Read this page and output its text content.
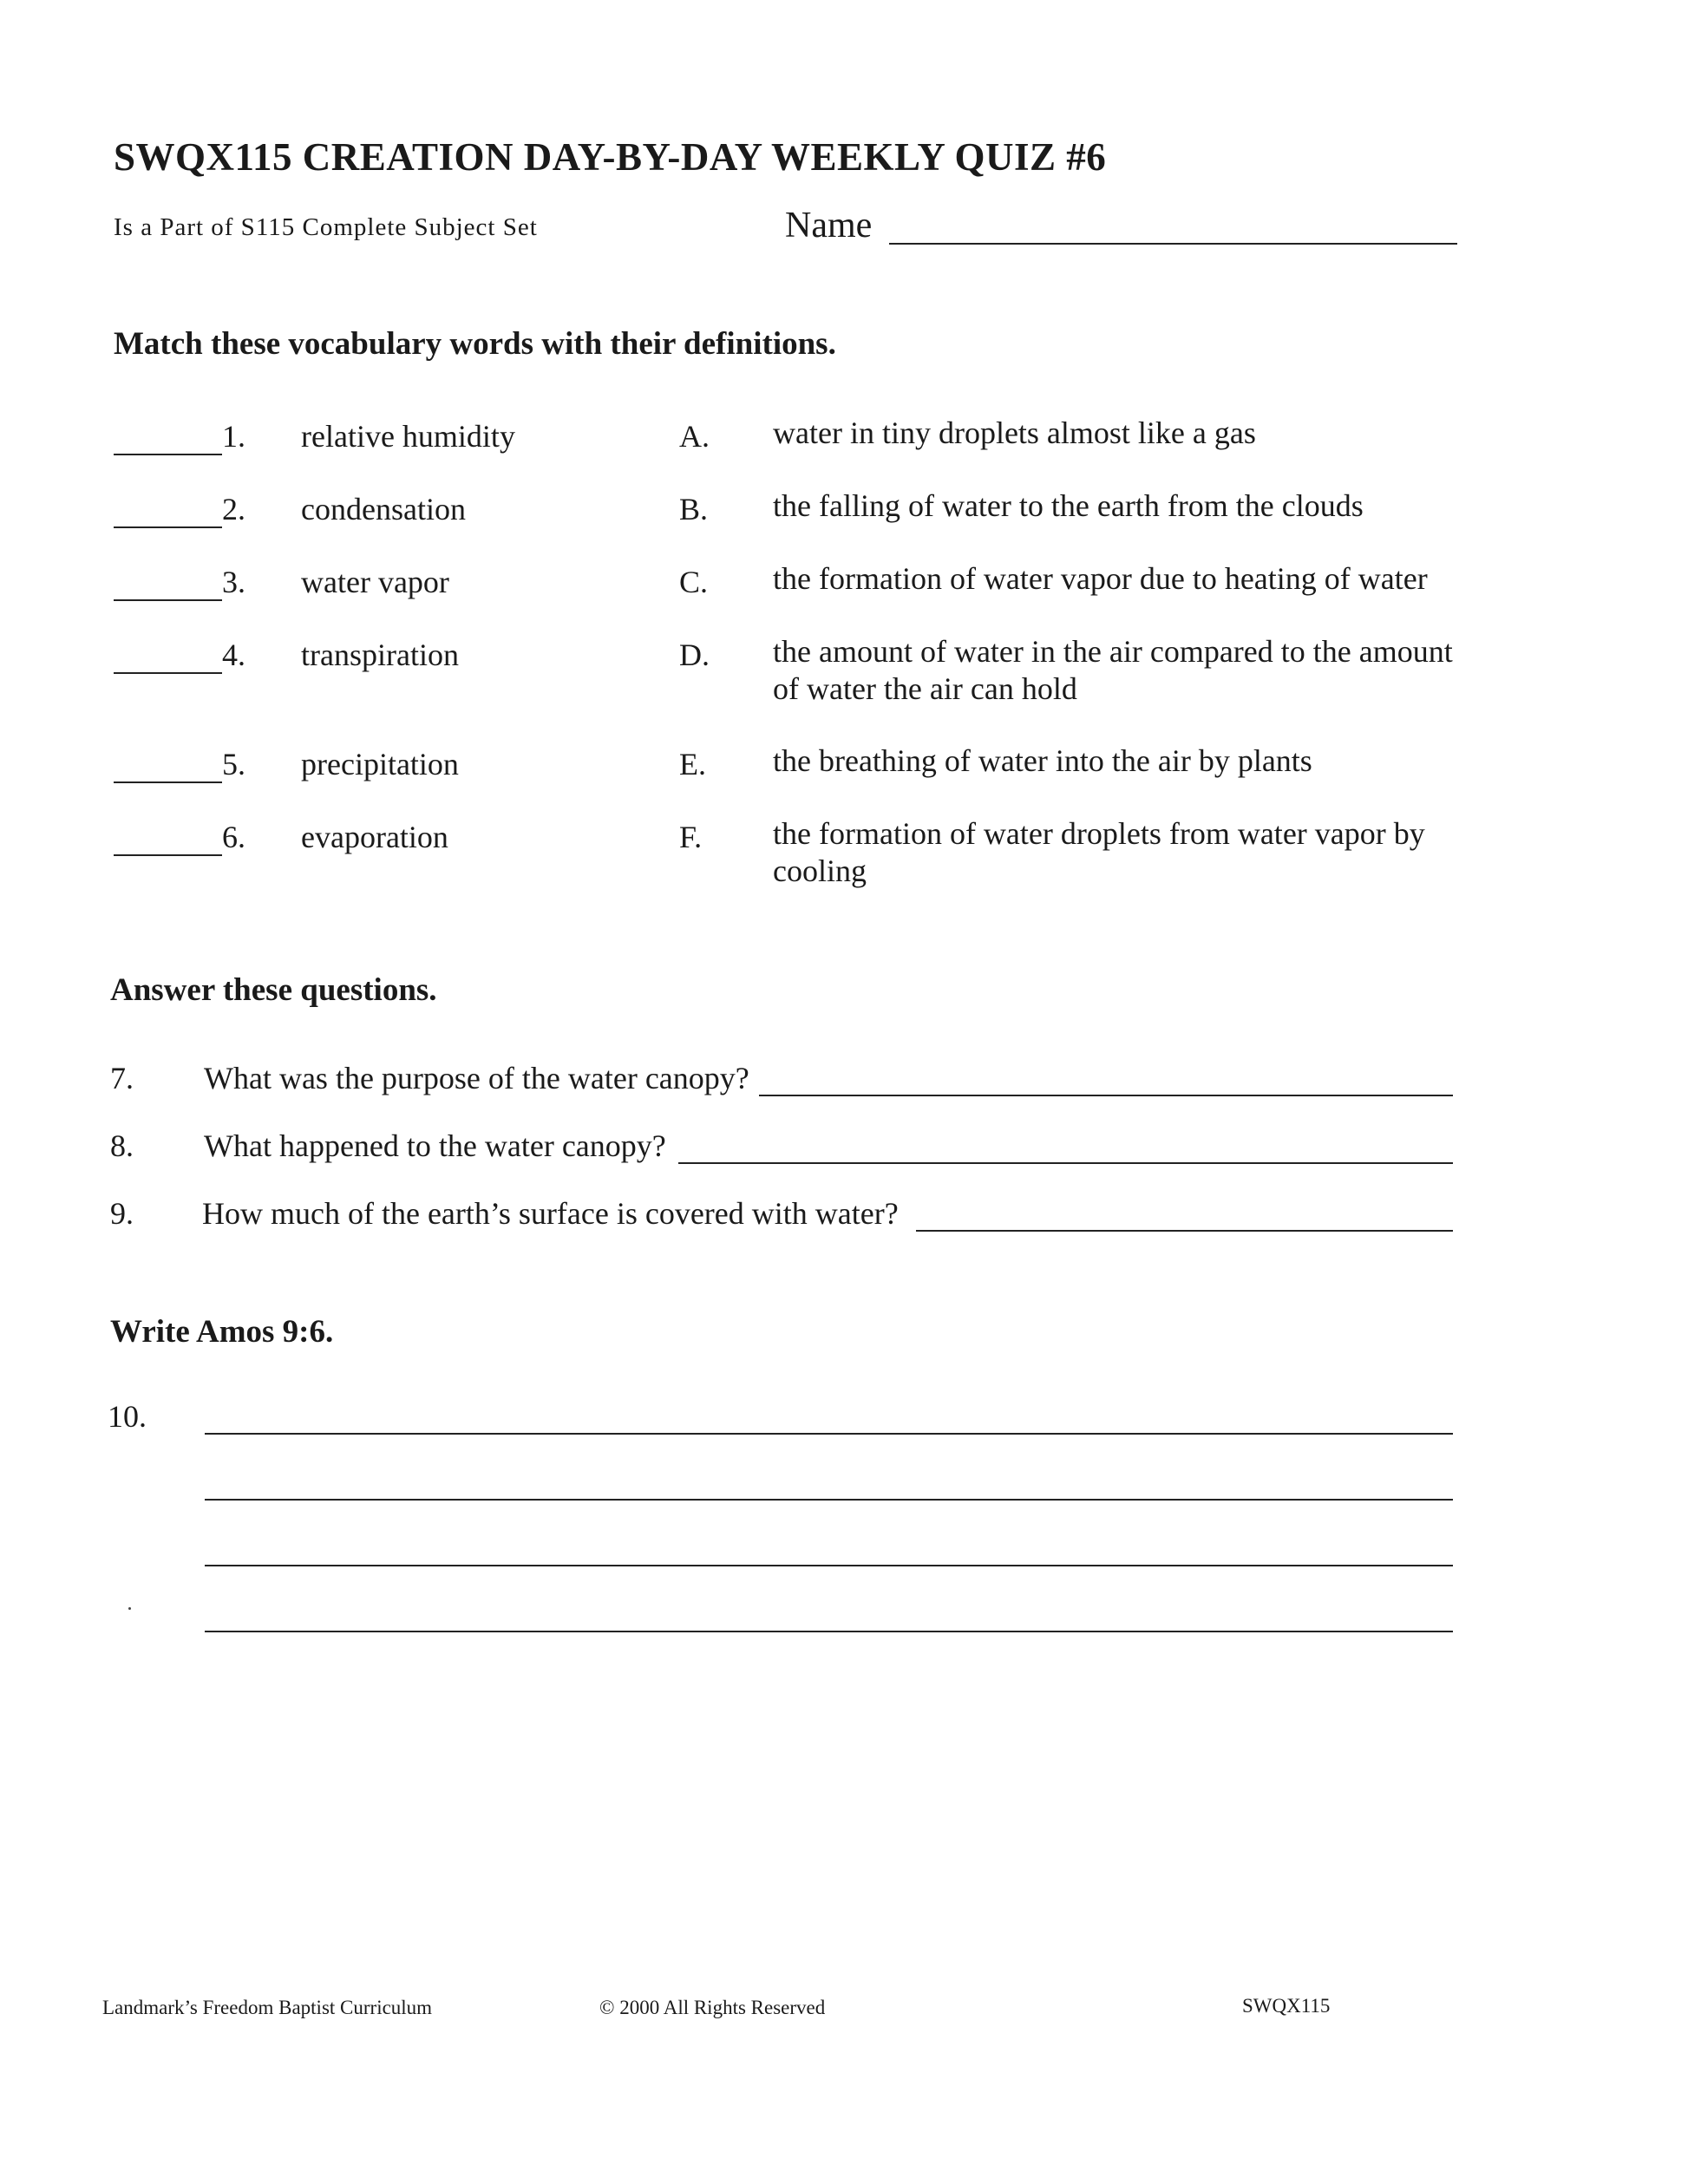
SWQX115 CREATION DAY-BY-DAY WEEKLY QUIZ #6
Is a Part of S115 Complete Subject Set	Name
Match these vocabulary words with their definitions.
1. relative humidity	A. water in tiny droplets almost like a gas
2. condensation	B. the falling of water to the earth from the clouds
3. water vapor	C. the formation of water vapor due to heating of water
4. transpiration	D. the amount of water in the air compared to the amount of water the air can hold
5. precipitation	E. the breathing of water into the air by plants
6. evaporation	F. the formation of water droplets from water vapor by cooling
Answer these questions.
7. What was the purpose of the water canopy?
8. What happened to the water canopy?
9. How much of the earth’s surface is covered with water?
Write Amos 9:6.
10.
Landmark’s Freedom Baptist Curriculum	© 2000 All Rights Reserved	SWQX115
